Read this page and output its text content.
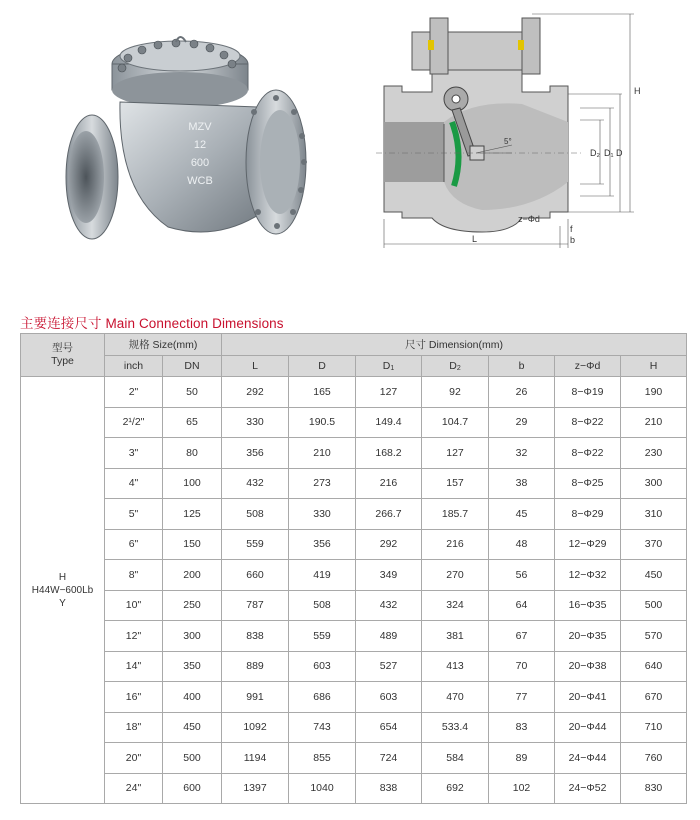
MZV
12
600
WCB
H
D₂ D₁ D
5°
z−Φd
f
b
L
主要连接尺寸 Main Connection Dimensions
型号
Type	规格 Size(mm)		尺寸 Dimension(mm)						
	inch	DN	L	D	$D_1$	$D_2$	b	z−Φd	H

H
H44W−600Lb
Y	2"	50	292	165	127	92	26	8−Φ19	190
	2¹/2"	65	330	190.5	149.4	104.7	29	8−Φ22	210
	3"	80	356	210	168.2	127	32	8−Φ22	230
	4"	100	432	273	216	157	38	8−Φ25	300
	5"	125	508	330	266.7	185.7	45	8−Φ29	310
	6"	150	559	356	292	216	48	12−Φ29	370
	8"	200	660	419	349	270	56	12−Φ32	450
	10"	250	787	508	432	324	64	16−Φ35	500
	12"	300	838	559	489	381	67	20−Φ35	570
	14"	350	889	603	527	413	70	20−Φ38	640
	16"	400	991	686	603	470	77	20−Φ41	670
	18"	450	1092	743	654	533.4	83	20−Φ44	710
	20"	500	1194	855	724	584	89	24−Φ44	760
	24"	600	1397	1040	838	692	102	24−Φ52	830
